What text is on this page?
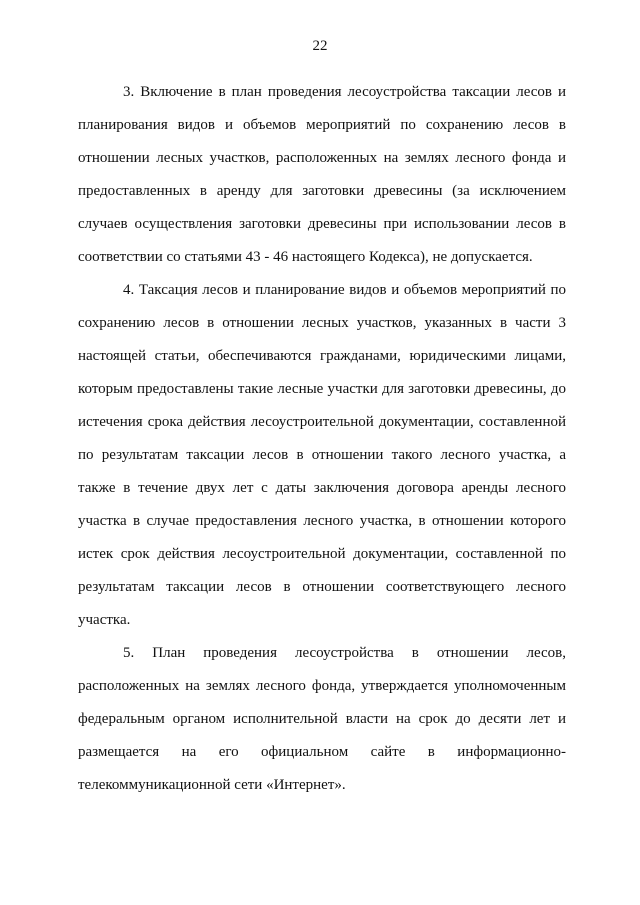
22
3. Включение в план проведения лесоустройства таксации лесов и
планирования видов и объемов мероприятий по сохранению лесов в
отношении лесных участков, расположенных на землях лесного фонда и
предоставленных в аренду для заготовки древесины (за исключением
случаев осуществления заготовки древесины при использовании лесов в
соответствии со статьями 43 - 46 настоящего Кодекса), не допускается.
4. Таксация лесов и планирование видов и объемов мероприятий по
сохранению лесов в отношении лесных участков, указанных в части 3
настоящей статьи, обеспечиваются гражданами, юридическими лицами,
которым предоставлены такие лесные участки для заготовки древесины, до
истечения срока действия лесоустроительной документации, составленной
по результатам таксации лесов в отношении такого лесного участка, а
также в течение двух лет с даты заключения договора аренды лесного
участка в случае предоставления лесного участка, в отношении которого
истек срок действия лесоустроительной документации, составленной по
результатам таксации лесов в отношении соответствующего лесного
участка.
5. План проведения лесоустройства в отношении лесов,
расположенных на землях лесного фонда, утверждается уполномоченным
федеральным органом исполнительной власти на срок до десяти лет и
размещается на его официальном сайте в информационно-
телекоммуникационной сети «Интернет».
